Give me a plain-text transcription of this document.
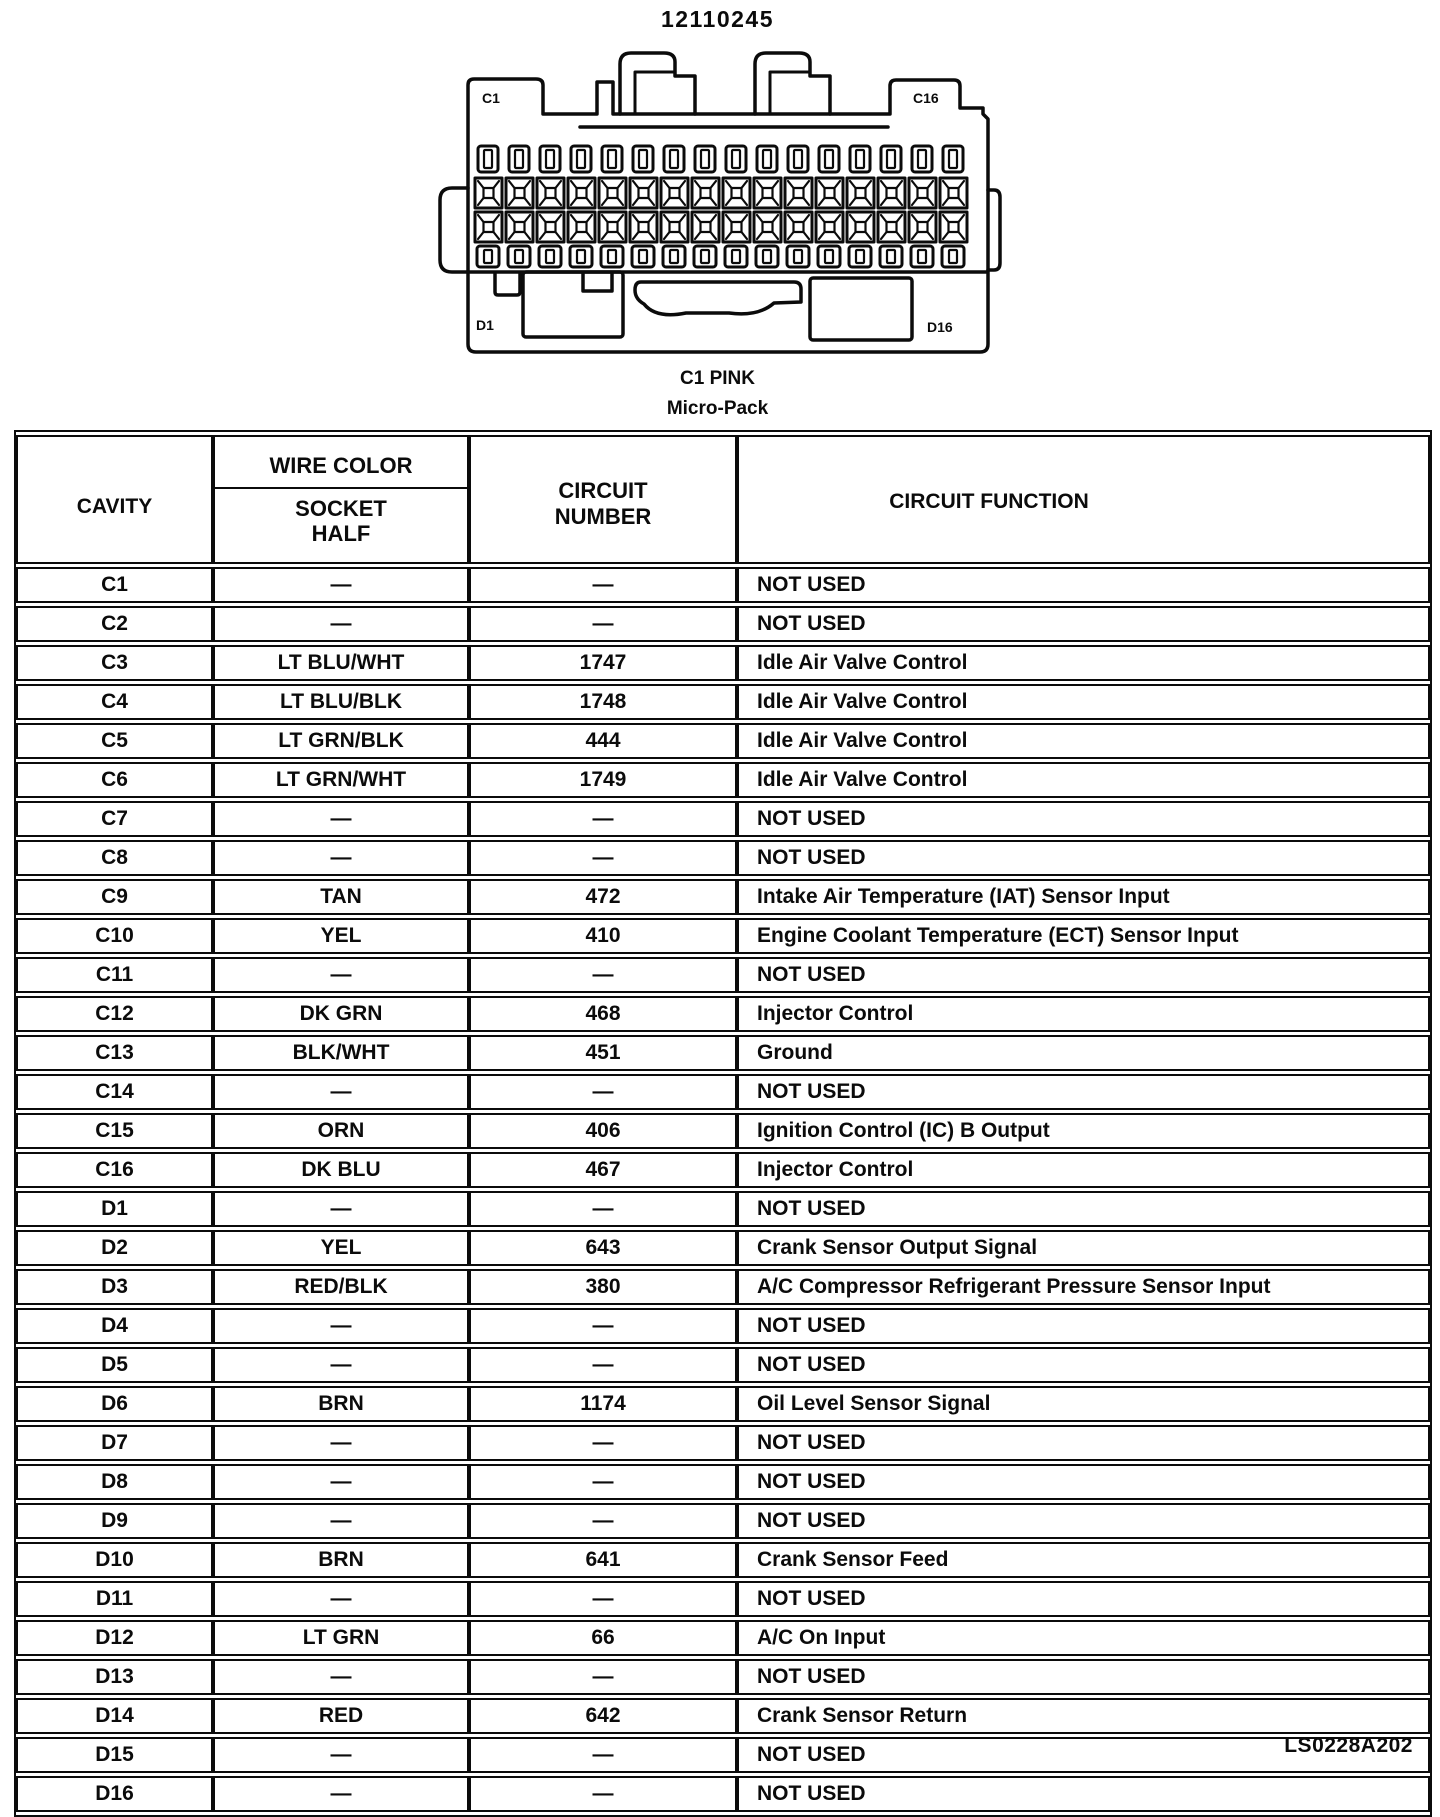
12110245
C1	C16
D1	D16
C1 PINK
Micro-Pack
CAVITY	WIRE COLOR
SOCKET HALF	CIRCUIT NUMBER	CIRCUIT FUNCTION
C1	—	—	NOT USED
C2	—	—	NOT USED
C3	LT BLU/WHT	1747	Idle Air Valve Control
C4	LT BLU/BLK	1748	Idle Air Valve Control
C5	LT GRN/BLK	444	Idle Air Valve Control
C6	LT GRN/WHT	1749	Idle Air Valve Control
C7	—	—	NOT USED
C8	—	—	NOT USED
C9	TAN	472	Intake Air Temperature (IAT) Sensor Input
C10	YEL	410	Engine Coolant Temperature (ECT) Sensor Input
C11	—	—	NOT USED
C12	DK GRN	468	Injector Control
C13	BLK/WHT	451	Ground
C14	—	—	NOT USED
C15	ORN	406	Ignition Control (IC) B Output
C16	DK BLU	467	Injector Control
D1	—	—	NOT USED
D2	YEL	643	Crank Sensor Output Signal
D3	RED/BLK	380	A/C Compressor Refrigerant Pressure Sensor Input
D4	—	—	NOT USED
D5	—	—	NOT USED
D6	BRN	1174	Oil Level Sensor Signal
D7	—	—	NOT USED
D8	—	—	NOT USED
D9	—	—	NOT USED
D10	BRN	641	Crank Sensor Feed
D11	—	—	NOT USED
D12	LT GRN	66	A/C On Input
D13	—	—	NOT USED
D14	RED	642	Crank Sensor Return
D15	—	—	NOT USED
D16	—	—	NOT USED
LS0228A202
